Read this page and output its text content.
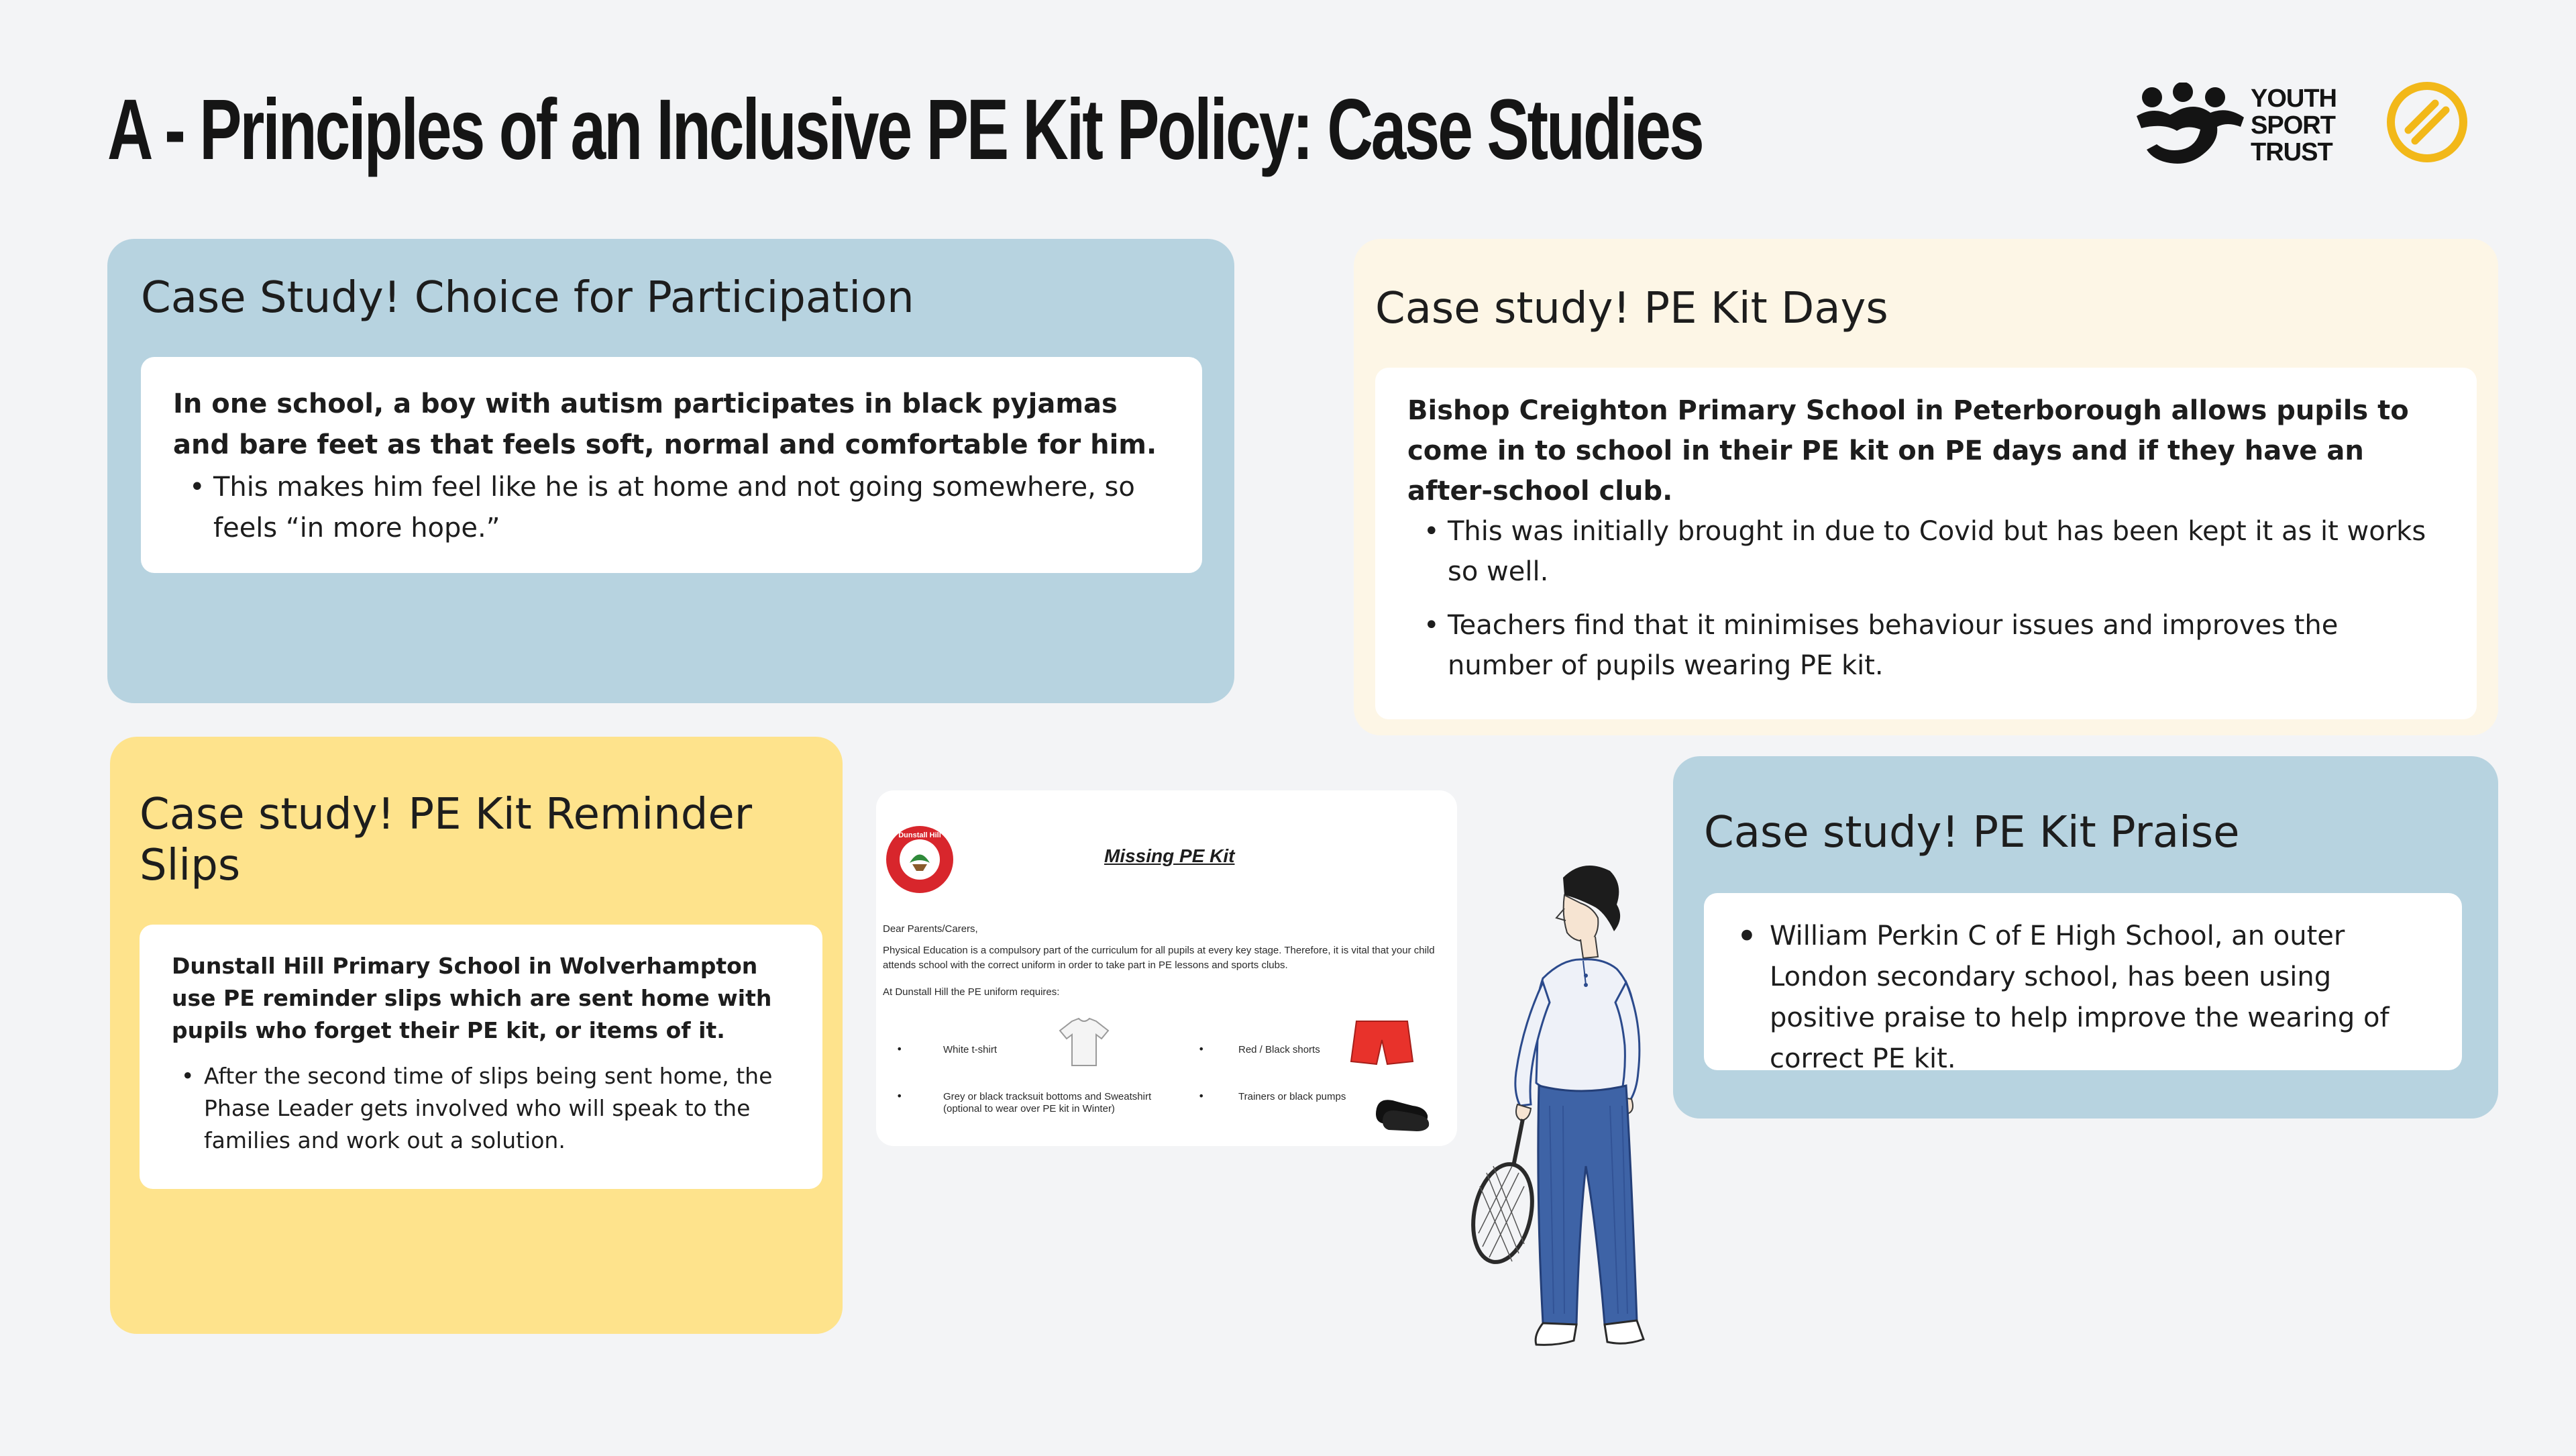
A - Principles of an Inclusive PE Kit Policy: Case Studies	YOUTH
SPORT
TRUST
Case Study! Choice for Participation

In one school, a boy with autism participates in black pyjamas and bare feet as that feels soft, normal and comfortable for him.

• This makes him feel like he is at home and not going somewhere, so feels “in more hope.”
Case study! PE Kit Days

Bishop Creighton Primary School in Peterborough allows pupils to come in to school in their PE kit on PE days and if they have an after-school club.

• This was initially brought in due to Covid but has been kept it as it works so well.
• Teachers find that it minimises behaviour issues and improves the number of pupils wearing PE kit.
Case study! PE Kit Reminder Slips

Dunstall Hill Primary School in Wolverhampton use PE reminder slips which are sent home with pupils who forget their PE kit, or items of it.

• After the second time of slips being sent home, the Phase Leader gets involved who will speak to the families and work out a solution.
Dunstall Hill
Missing PE Kit
Dear Parents/Carers,
Physical Education is a compulsory part of the curriculum for all pupils at every key stage. Therefore, it is vital that your child attends school with the correct uniform in order to take part in PE lessons and sports clubs.
At Dunstall Hill the PE uniform requires:
•	White t-shirt	•	Red / Black shorts
•	Grey or black tracksuit bottoms and Sweatshirt (optional to wear over PE kit in Winter)
•	Trainers or black pumps
Case study! PE Kit Praise
• William Perkin C of E High School, an outer London secondary school, has been using positive praise to help improve the wearing of correct PE kit.
